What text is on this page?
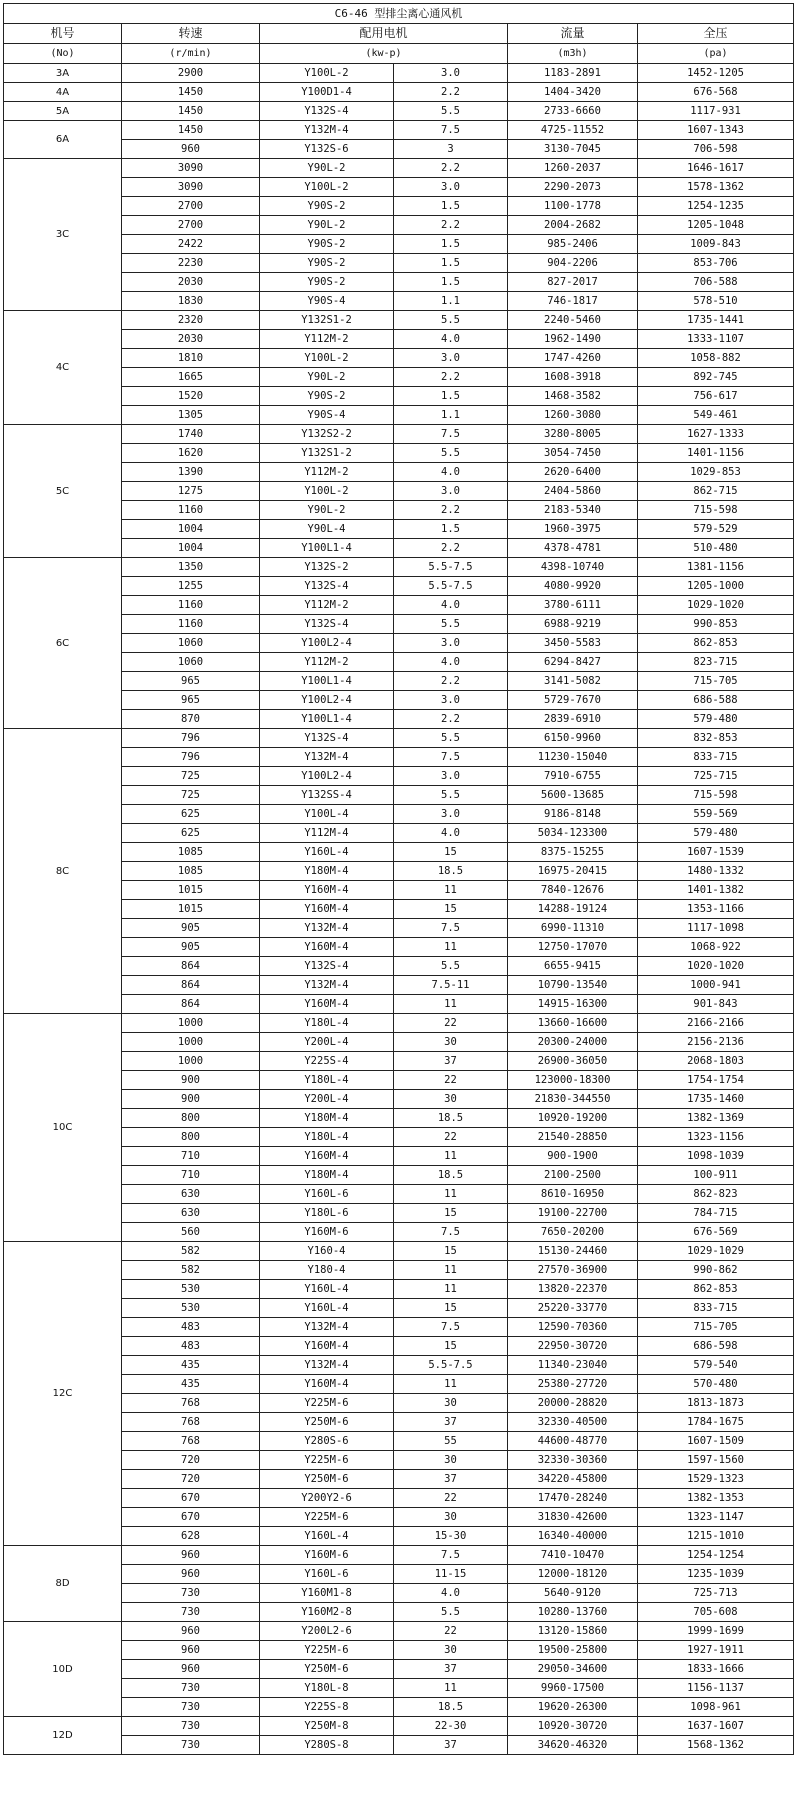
C6-46 型排尘离心通风机					
机号	转速	配用电机		流量	全压
(No)	(r/min)	(kw-p)		(m3h)	(pa)
3A	2900	Y100L-2	3.0	1183-2891	1452-1205
4A	1450	Y100D1-4	2.2	1404-3420	676-568
5A	1450	Y132S-4	5.5	2733-6660	1117-931
6A	1450	Y132M-4	7.5	4725-11552	1607-1343
	960	Y132S-6	3	3130-7045	706-598
3C	3090	Y90L-2	2.2	1260-2037	1646-1617
	3090	Y100L-2	3.0	2290-2073	1578-1362
	2700	Y90S-2	1.5	1100-1778	1254-1235
	2700	Y90L-2	2.2	2004-2682	1205-1048
	2422	Y90S-2	1.5	985-2406	1009-843
	2230	Y90S-2	1.5	904-2206	853-706
	2030	Y90S-2	1.5	827-2017	706-588
	1830	Y90S-4	1.1	746-1817	578-510
4C	2320	Y132S1-2	5.5	2240-5460	1735-1441
	2030	Y112M-2	4.0	1962-1490	1333-1107
	1810	Y100L-2	3.0	1747-4260	1058-882
	1665	Y90L-2	2.2	1608-3918	892-745
	1520	Y90S-2	1.5	1468-3582	756-617
	1305	Y90S-4	1.1	1260-3080	549-461
5C	1740	Y132S2-2	7.5	3280-8005	1627-1333
	1620	Y132S1-2	5.5	3054-7450	1401-1156
	1390	Y112M-2	4.0	2620-6400	1029-853
	1275	Y100L-2	3.0	2404-5860	862-715
	1160	Y90L-2	2.2	2183-5340	715-598
	1004	Y90L-4	1.5	1960-3975	579-529
	1004	Y100L1-4	2.2	4378-4781	510-480
6C	1350	Y132S-2	5.5-7.5	4398-10740	1381-1156
	1255	Y132S-4	5.5-7.5	4080-9920	1205-1000
	1160	Y112M-2	4.0	3780-6111	1029-1020
	1160	Y132S-4	5.5	6988-9219	990-853
	1060	Y100L2-4	3.0	3450-5583	862-853
	1060	Y112M-2	4.0	6294-8427	823-715
	965	Y100L1-4	2.2	3141-5082	715-705
	965	Y100L2-4	3.0	5729-7670	686-588
	870	Y100L1-4	2.2	2839-6910	579-480
8C	796	Y132S-4	5.5	6150-9960	832-853
	796	Y132M-4	7.5	11230-15040	833-715
	725	Y100L2-4	3.0	7910-6755	725-715
	725	Y132SS-4	5.5	5600-13685	715-598
	625	Y100L-4	3.0	9186-8148	559-569
	625	Y112M-4	4.0	5034-123300	579-480
	1085	Y160L-4	15	8375-15255	1607-1539
	1085	Y180M-4	18.5	16975-20415	1480-1332
	1015	Y160M-4	11	7840-12676	1401-1382
	1015	Y160M-4	15	14288-19124	1353-1166
	905	Y132M-4	7.5	6990-11310	1117-1098
	905	Y160M-4	11	12750-17070	1068-922
	864	Y132S-4	5.5	6655-9415	1020-1020
	864	Y132M-4	7.5-11	10790-13540	1000-941
	864	Y160M-4	11	14915-16300	901-843
10C	1000	Y180L-4	22	13660-16600	2166-2166
	1000	Y200L-4	30	20300-24000	2156-2136
	1000	Y225S-4	37	26900-36050	2068-1803
	900	Y180L-4	22	123000-18300	1754-1754
	900	Y200L-4	30	21830-344550	1735-1460
	800	Y180M-4	18.5	10920-19200	1382-1369
	800	Y180L-4	22	21540-28850	1323-1156
	710	Y160M-4	11	900-1900	1098-1039
	710	Y180M-4	18.5	2100-2500	100-911
	630	Y160L-6	11	8610-16950	862-823
	630	Y180L-6	15	19100-22700	784-715
	560	Y160M-6	7.5	7650-20200	676-569
12C	582	Y160-4	15	15130-24460	1029-1029
	582	Y180-4	11	27570-36900	990-862
	530	Y160L-4	11	13820-22370	862-853
	530	Y160L-4	15	25220-33770	833-715
	483	Y132M-4	7.5	12590-70360	715-705
	483	Y160M-4	15	22950-30720	686-598
	435	Y132M-4	5.5-7.5	11340-23040	579-540
	435	Y160M-4	11	25380-27720	570-480
	768	Y225M-6	30	20000-28820	1813-1873
	768	Y250M-6	37	32330-40500	1784-1675
	768	Y280S-6	55	44600-48770	1607-1509
	720	Y225M-6	30	32330-30360	1597-1560
	720	Y250M-6	37	34220-45800	1529-1323
	670	Y200Y2-6	22	17470-28240	1382-1353
	670	Y225M-6	30	31830-42600	1323-1147
	628	Y160L-4	15-30	16340-40000	1215-1010
8D	960	Y160M-6	7.5	7410-10470	1254-1254
	960	Y160L-6	11-15	12000-18120	1235-1039
	730	Y160M1-8	4.0	5640-9120	725-713
	730	Y160M2-8	5.5	10280-13760	705-608
10D	960	Y200L2-6	22	13120-15860	1999-1699
	960	Y225M-6	30	19500-25800	1927-1911
	960	Y250M-6	37	29050-34600	1833-1666
	730	Y180L-8	11	9960-17500	1156-1137
	730	Y225S-8	18.5	19620-26300	1098-961
12D	730	Y250M-8	22-30	10920-30720	1637-1607
	730	Y280S-8	37	34620-46320	1568-1362
